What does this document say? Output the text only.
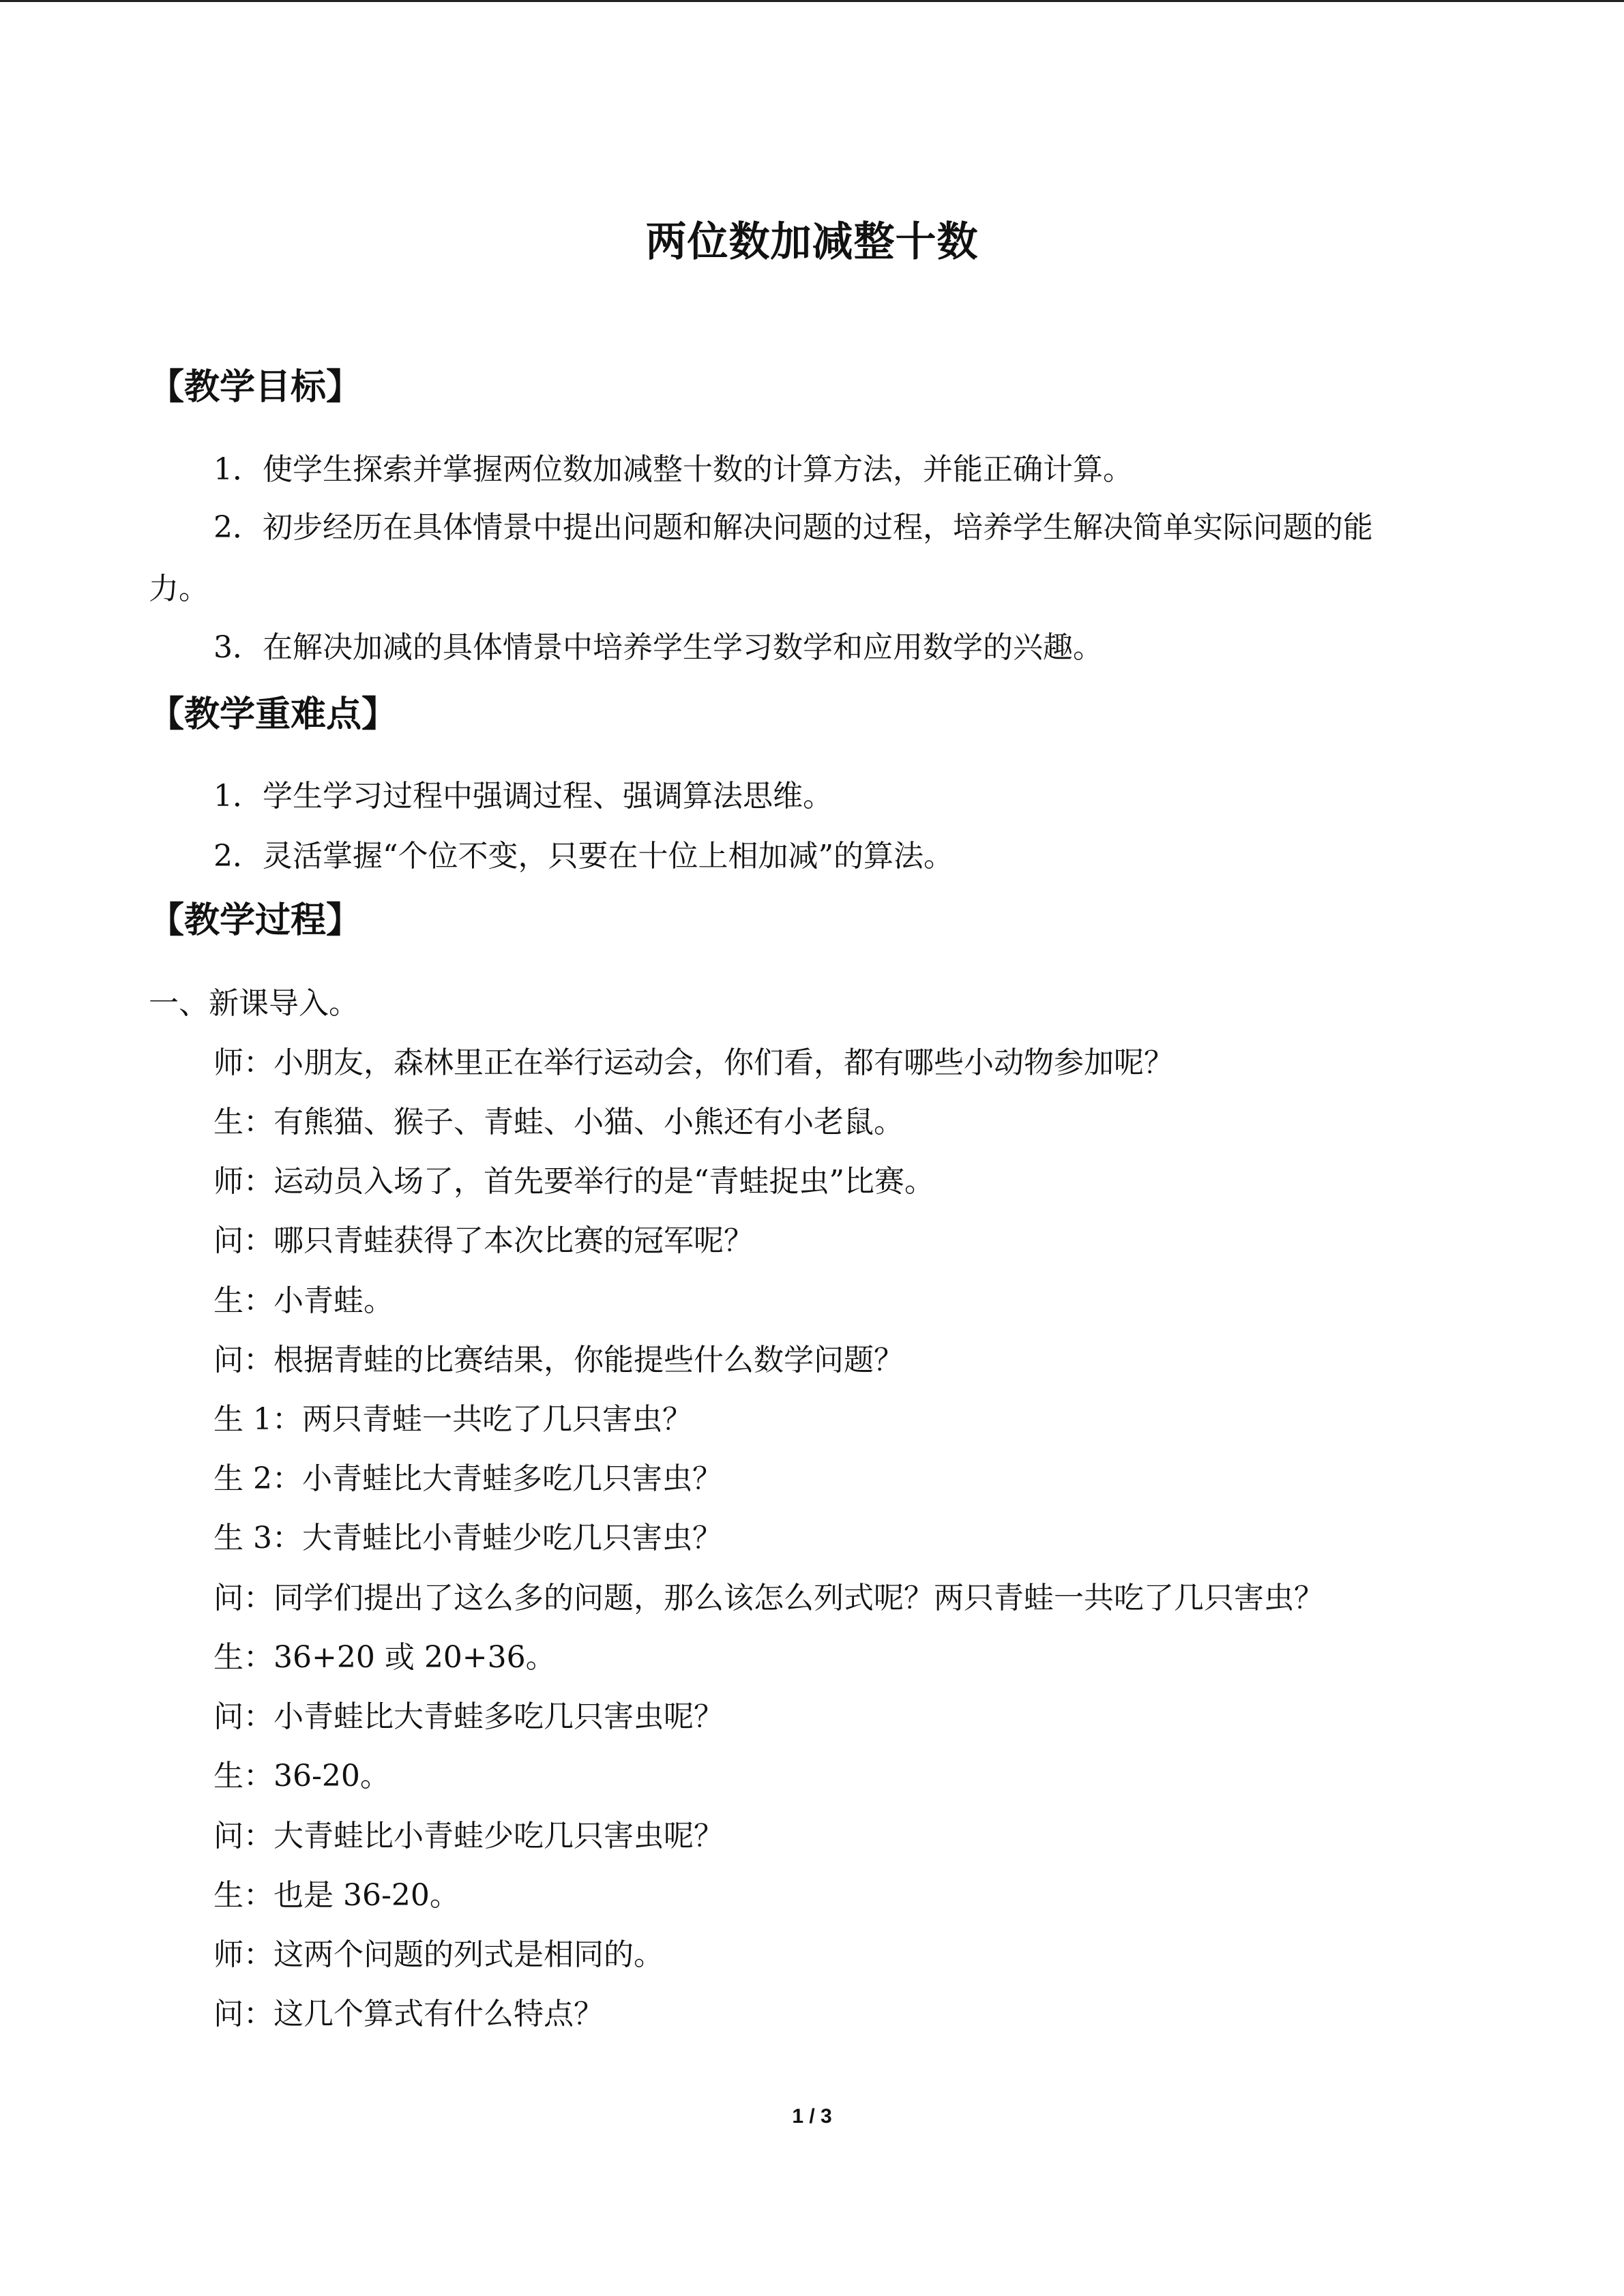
两位数加减整十数
【教学目标】
1．使学生探索并掌握两位数加减整十数的计算方法，并能正确计算。
2．初步经历在具体情景中提出问题和解决问题的过程，培养学生解决简单实际问题的能
力。
3．在解决加减的具体情景中培养学生学习数学和应用数学的兴趣。
【教学重难点】
1．学生学习过程中强调过程、强调算法思维。
2．灵活掌握“个位不变，只要在十位上相加减”的算法。
【教学过程】
一、新课导入。
师：小朋友，森林里正在举行运动会，你们看，都有哪些小动物参加呢？
生：有熊猫、猴子、青蛙、小猫、小熊还有小老鼠。
师：运动员入场了，首先要举行的是“青蛙捉虫”比赛。
问：哪只青蛙获得了本次比赛的冠军呢？
生：小青蛙。
问：根据青蛙的比赛结果，你能提些什么数学问题？
生 1：两只青蛙一共吃了几只害虫？
生 2：小青蛙比大青蛙多吃几只害虫？
生 3：大青蛙比小青蛙少吃几只害虫？
问：同学们提出了这么多的问题，那么该怎么列式呢？两只青蛙一共吃了几只害虫？
生：36+20 或 20+36。
问：小青蛙比大青蛙多吃几只害虫呢？
生：36-20。
问：大青蛙比小青蛙少吃几只害虫呢？
生：也是 36-20。
师：这两个问题的列式是相同的。
问：这几个算式有什么特点？
1 / 3
